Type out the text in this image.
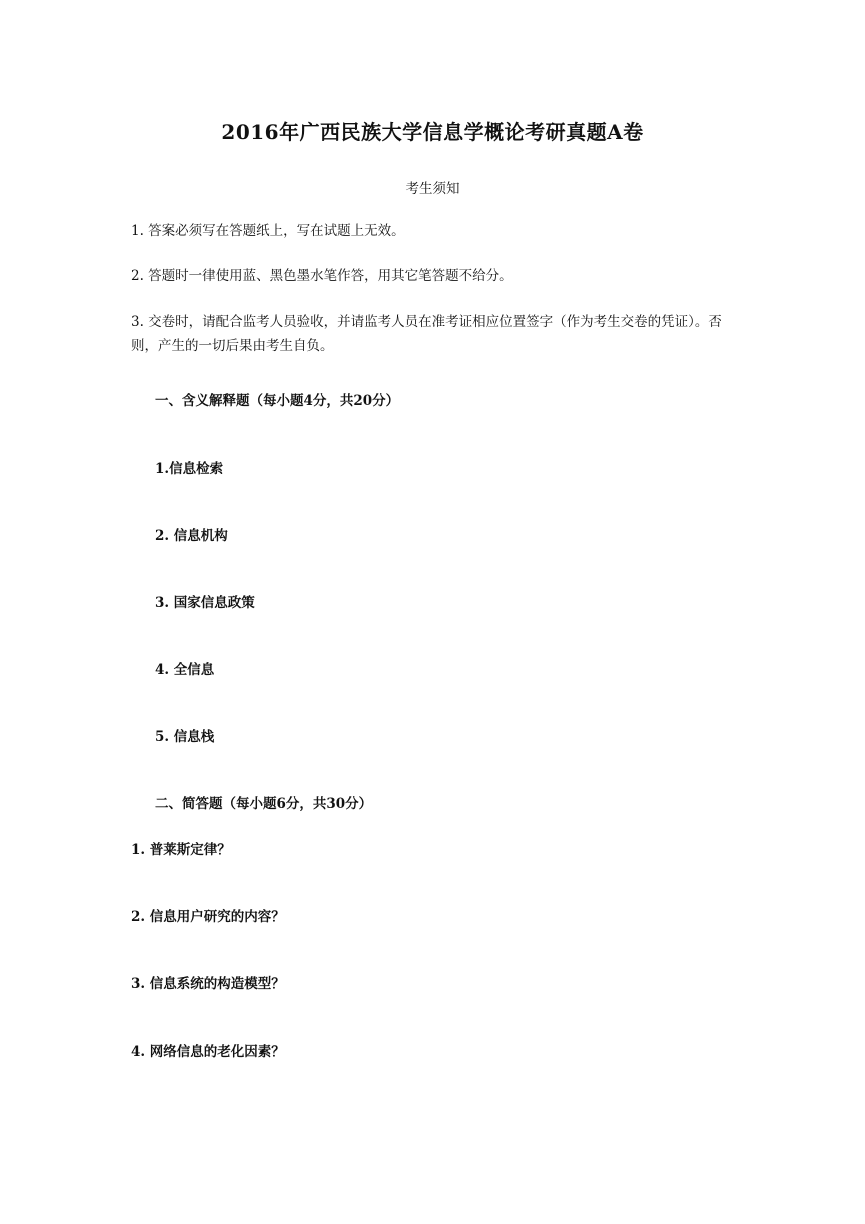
2016年广西民族大学信息学概论考研真题A卷
考生须知
1. 答案必须写在答题纸上，写在试题上无效。
2. 答题时一律使用蓝、黑色墨水笔作答，用其它笔答题不给分。
3. 交卷时，请配合监考人员验收，并请监考人员在准考证相应位置签字（作为考生交卷的凭证）。否则，产生的一切后果由考生自负。
一、含义解释题（每小题4分，共20分）
1.信息检索
2. 信息机构
3. 国家信息政策
4. 全信息
5. 信息栈
二、简答题（每小题6分，共30分）
1. 普莱斯定律？
2. 信息用户研究的内容？
3. 信息系统的构造模型？
4. 网络信息的老化因素？
